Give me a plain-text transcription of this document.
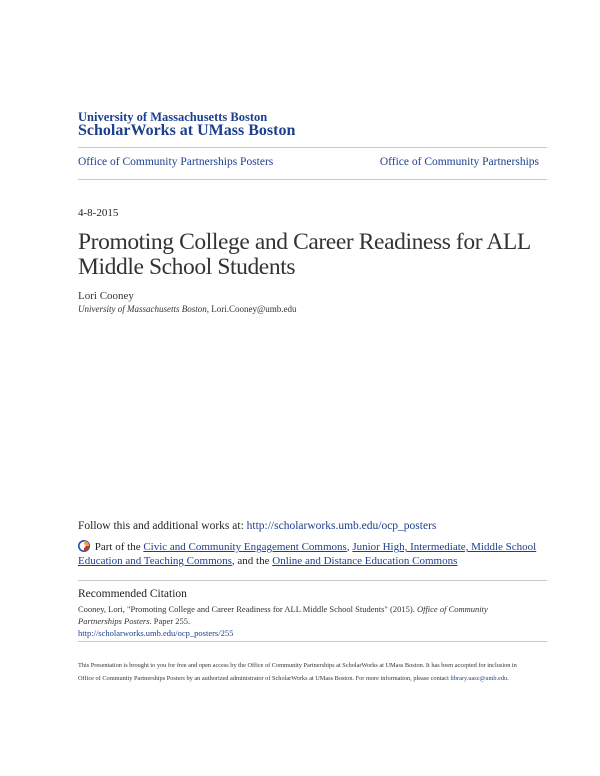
University of Massachusetts Boston
ScholarWorks at UMass Boston
Office of Community Partnerships Posters	Office of Community Partnerships
4-8-2015
Promoting College and Career Readiness for ALL Middle School Students
Lori Cooney
University of Massachusetts Boston, Lori.Cooney@umb.edu
Follow this and additional works at: http://scholarworks.umb.edu/ocp_posters
Part of the Civic and Community Engagement Commons, Junior High, Intermediate, Middle School Education and Teaching Commons, and the Online and Distance Education Commons
Recommended Citation
Cooney, Lori, "Promoting College and Career Readiness for ALL Middle School Students" (2015). Office of Community Partnerships Posters. Paper 255.
http://scholarworks.umb.edu/ocp_posters/255
This Presentation is brought to you for free and open access by the Office of Community Partnerships at ScholarWorks at UMass Boston. It has been accepted for inclusion in Office of Community Partnerships Posters by an authorized administrator of ScholarWorks at UMass Boston. For more information, please contact library.uasc@umb.edu.
